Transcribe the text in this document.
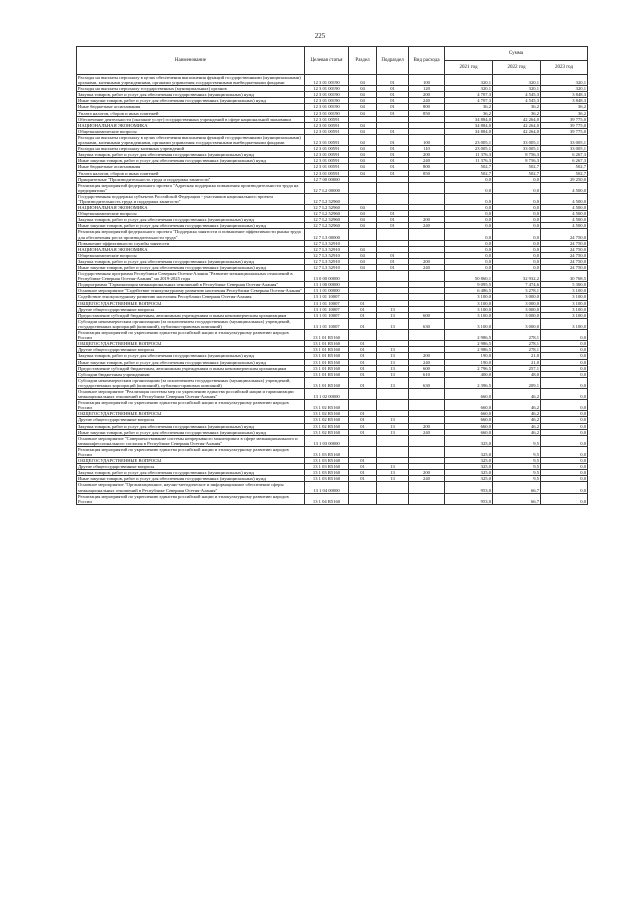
225
Наименование	Целевая статья	Раздел	Подраздел	Вид расхода	Сумма		
					2021 год	2022 год	2023 год
Расходы на выплаты персоналу в целях обеспечения выполнения функций государственными (муниципальными) органами, казенными учреждениями, органами управления государственными внебюджетными фондами	12 3 01 00190	04	01	100	320,1	320,1	320,1
Расходы на выплаты персоналу государственных (муниципальных) органов	12 3 01 00190	04	01	120	320,1	320,1	320,1
Закупка товаров, работ и услуг для обеспечения государственных (муниципальных) нужд	12 3 01 00190	04	01	200	4 707,3	4 545,3	3 848,3
Иные закупки товаров, работ и услуг для обеспечения государственных (муниципальных) нужд	12 3 01 00190	04	01	240	4 707,3	4 545,3	3 848,3
Иные бюджетные ассигнования	12 3 01 00190	04	01	800	36,2	36,2	36,2
Уплата налогов, сборов и иных платежей	12 3 01 00190	04	01	850	36,2	36,2	36,2
Обеспечение деятельности (оказание услуг) государственных учреждений в сфере национальной экономики	12 3 01 00591				34 884,0	42 264,0	39 775,0
НАЦИОНАЛЬНАЯ ЭКОНОМИКА	12 3 01 00591	04			34 884,0	42 264,0	39 775,0
Общеэкономические вопросы	12 3 01 00591	04	01		34 884,0	42 264,0	39 775,0
Расходы на выплаты персоналу в целях обеспечения выполнения функций государственными (муниципальными) органами, казенными учреждениями, органами управления государственными внебюджетными фондами	12 3 01 00591	04	01	100	23 005,1	33 005,1	33 005,1
Расходы на выплаты персоналу казенных учреждений	12 3 01 00591	04	01	110	23 005,1	33 005,1	33 005,1
Закупка товаров, работ и услуг для обеспечения государственных (муниципальных) нужд	12 3 01 00591	04	01	200	11 376,3	8 756,3	6 267,3
Иные закупки товаров, работ и услуг для обеспечения государственных (муниципальных) нужд	12 3 01 00591	04	01	240	11 376,3	8 756,3	6 267,3
Иные бюджетные ассигнования	12 3 01 00591	04	01	800	502,7	502,7	502,7
Уплата налогов, сборов и иных платежей	12 3 01 00591	04	01	850	502,7	502,7	502,7
Приоритетные "Производительность труда и поддержка занятости"	12 7 00 00000				0,0	0,0	29 250,0
Реализация мероприятий федерального проекта "Адресная поддержка повышения производительности труда на предприятиях"	12 7 L2 00000				0,0	0,0	4 500,0
Государственная поддержка субъектов Российской Федерации - участников национального проекта "Производительность труда и поддержка занятости"	12 7 L2 52960				0,0	0,0	4 500,0
НАЦИОНАЛЬНАЯ ЭКОНОМИКА	12 7 L2 52960	04			0,0	0,0	4 500,0
Общеэкономические вопросы	12 7 L2 52960	04	01		0,0	0,0	4 500,0
Закупка товаров, работ и услуг для обеспечения государственных (муниципальных) нужд	12 7 L2 52960	04	01	200	0,0	0,0	4 500,0
Иные закупки товаров, работ и услуг для обеспечения государственных (муниципальных) нужд	12 7 L2 52960	04	01	240	0,0	0,0	4 500,0
Реализация мероприятий федерального проекта "Поддержка занятости и повышение эффективности рынка труда для обеспечения роста производительности труда"	12 7 L3 00000				0,0	0,0	24 750,0
Повышение эффективности службы занятости	12 7 L3 52910				0,0	0,0	24 750,0
НАЦИОНАЛЬНАЯ ЭКОНОМИКА	12 7 L3 52910	04			0,0	0,0	24 750,0
Общеэкономические вопросы	12 7 L3 52910	04	01		0,0	0,0	24 750,0
Закупка товаров, работ и услуг для обеспечения государственных (муниципальных) нужд	12 7 L3 52910	04	01	200	0,0	0,0	24 750,0
Иные закупки товаров, работ и услуг для обеспечения государственных (муниципальных) нужд	12 7 L3 52910	04	01	240	0,0	0,0	24 750,0
Государственная программа Республики Северная Осетия-Алания "Развитие межнациональных отношений в Республике Северная Осетия-Алания" на 2019-2025 годы	13 0 00 00000				50 860,1	32 932,2	30 768,5
Подпрограмма "Гармонизация межнациональных отношений в Республике Северная Осетия-Алания"	13 1 00 00000				9 095,5	7 474,6	5 300,0
Основное мероприятие "Содействие этнокультурному развитию населения Республики Северная Осетия-Алания"	13 1 01 00000				6 486,5	3 278,1	3 100,0
Содействие этнокультурному развитию населения Республики Северная Осетия-Алания	13 1 01 10007				3 100,0	3 000,0	3 100,0
ОБЩЕГОСУДАРСТВЕННЫЕ ВОПРОСЫ	13 1 01 10007	01			3 100,0	3 000,0	3 100,0
Другие общегосударственные вопросы	13 1 01 10007	01	13		3 100,0	3 000,0	3 100,0
Предоставление субсидий бюджетным, автономным учреждениям и иным некоммерческим организациям	13 1 01 10007	01	13	600	3 100,0	3 000,0	3 100,0
Субсидии некоммерческим организациям (за исключением государственных (муниципальных) учреждений, государственных корпораций (компаний), публично-правовых компаний)	13 1 01 10007	01	13	630	3 100,0	3 000,0	3 100,0
Реализация мероприятий по укреплению единства российской нации и этнокультурному развитию народов России	13 1 01 R5160				2 986,5	278,1	0,0
ОБЩЕГОСУДАРСТВЕННЫЕ ВОПРОСЫ	13 1 01 R5160	01			2 986,5	278,1	0,0
Другие общегосударственные вопросы	13 1 01 R5160	01	13		2 986,5	278,1	0,0
Закупка товаров, работ и услуг для обеспечения государственных (муниципальных) нужд	13 1 01 R5160	01	13	200	190,0	21,0	0,0
Иные закупки товаров, работ и услуг для обеспечения государственных (муниципальных) нужд	13 1 01 R5160	01	13	240	190,0	21,0	0,0
Предоставление субсидий бюджетным, автономным учреждениям и иным некоммерческим организациям	13 1 01 R5160	01	13	600	2 796,5	257,1	0,0
Субсидии бюджетным учреждениям	13 1 01 R5160	01	13	610	400,0	48,0	0,0
Субсидии некоммерческим организациям (за исключением государственных (муниципальных) учреждений, государственных корпораций (компаний), публично-правовых компаний)	13 1 01 R5160	01	13	630	2 396,5	209,1	0,0
Основное мероприятие "Реализация системы мер по укреплению единства российской нации и гармонизации межнациональных отношений в Республике Северная Осетия-Алания"	13 1 02 00000				660,0	46,2	0,0
Реализация мероприятий по укреплению единства российской нации и этнокультурному развитию народов России	13 1 02 R5160				660,0	46,2	0,0
ОБЩЕГОСУДАРСТВЕННЫЕ ВОПРОСЫ	13 1 02 R5160	01			660,0	46,2	0,0
Другие общегосударственные вопросы	13 1 02 R5160	01	13		660,0	46,2	0,0
Закупка товаров, работ и услуг для обеспечения государственных (муниципальных) нужд	13 1 02 R5160	01	13	200	660,0	46,2	0,0
Иные закупки товаров, работ и услуг для обеспечения государственных (муниципальных) нужд	13 1 02 R5160	01	13	240	660,0	46,2	0,0
Основное мероприятие "Совершенствование системы непрерывного мониторинга в сфере межнационального и межконфессионального согласия в Республике Северная Осетия-Алания"	13 1 03 00000				325,0	9,5	0,0
Реализация мероприятий по укреплению единства российской нации и этнокультурному развитию народов России	13 1 03 R5160				325,0	9,5	0,0
ОБЩЕГОСУДАРСТВЕННЫЕ ВОПРОСЫ	13 1 03 R5160	01			325,0	9,5	0,0
Другие общегосударственные вопросы	13 1 03 R5160	01	13		325,0	9,5	0,0
Закупка товаров, работ и услуг для обеспечения государственных (муниципальных) нужд	13 1 03 R5160	01	13	200	325,0	9,5	0,0
Иные закупки товаров, работ и услуг для обеспечения государственных (муниципальных) нужд	13 1 03 R5160	01	13	240	325,0	9,5	0,0
Основное мероприятие "Организационное, научно-методическое и информационное обеспечение сферы межнациональных отношений в Республике Северная Осетия-Алания"	13 1 04 00000				953,0	66,7	0,0
Реализация мероприятий по укреплению единства российской нации и этнокультурному развитию народов России	13 1 04 R5160				953,0	66,7	0,0
